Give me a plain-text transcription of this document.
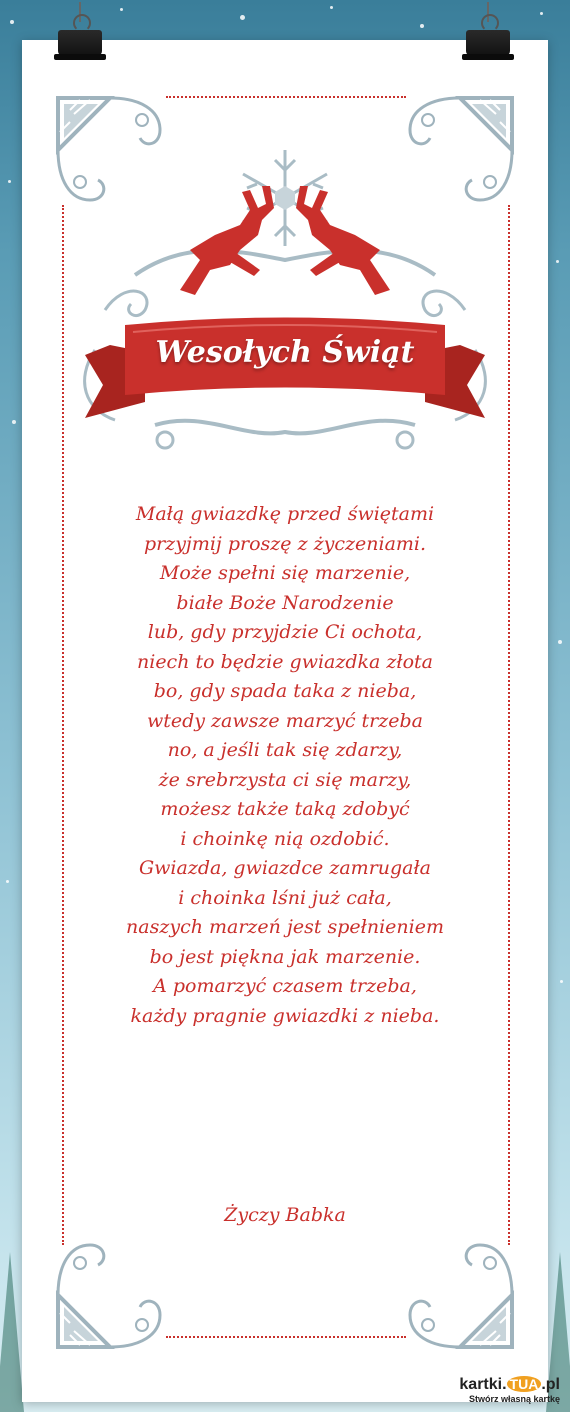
Wesołych Świąt
Małą gwiazdkę przed świętami
przyjmij proszę z życzeniami.
Może spełni się marzenie,
białe Boże Narodzenie
lub, gdy przyjdzie Ci ochota,
niech to będzie gwiazdka złota
bo, gdy spada taka z nieba,
wtedy zawsze marzyć trzeba
no, a jeśli tak się zdarzy,
że srebrzysta ci się marzy,
możesz także taką zdobyć
i choinkę nią ozdobić.
Gwiazda, gwiazdce zamrugała
i choinka lśni już cała,
naszych marzeń jest spełnieniem
bo jest piękna jak marzenie.
A pomarzyć czasem trzeba,
każdy pragnie gwiazdki z nieba.
Życzy Babka
kartki. TUA .pl
Stwórz własną kartkę
